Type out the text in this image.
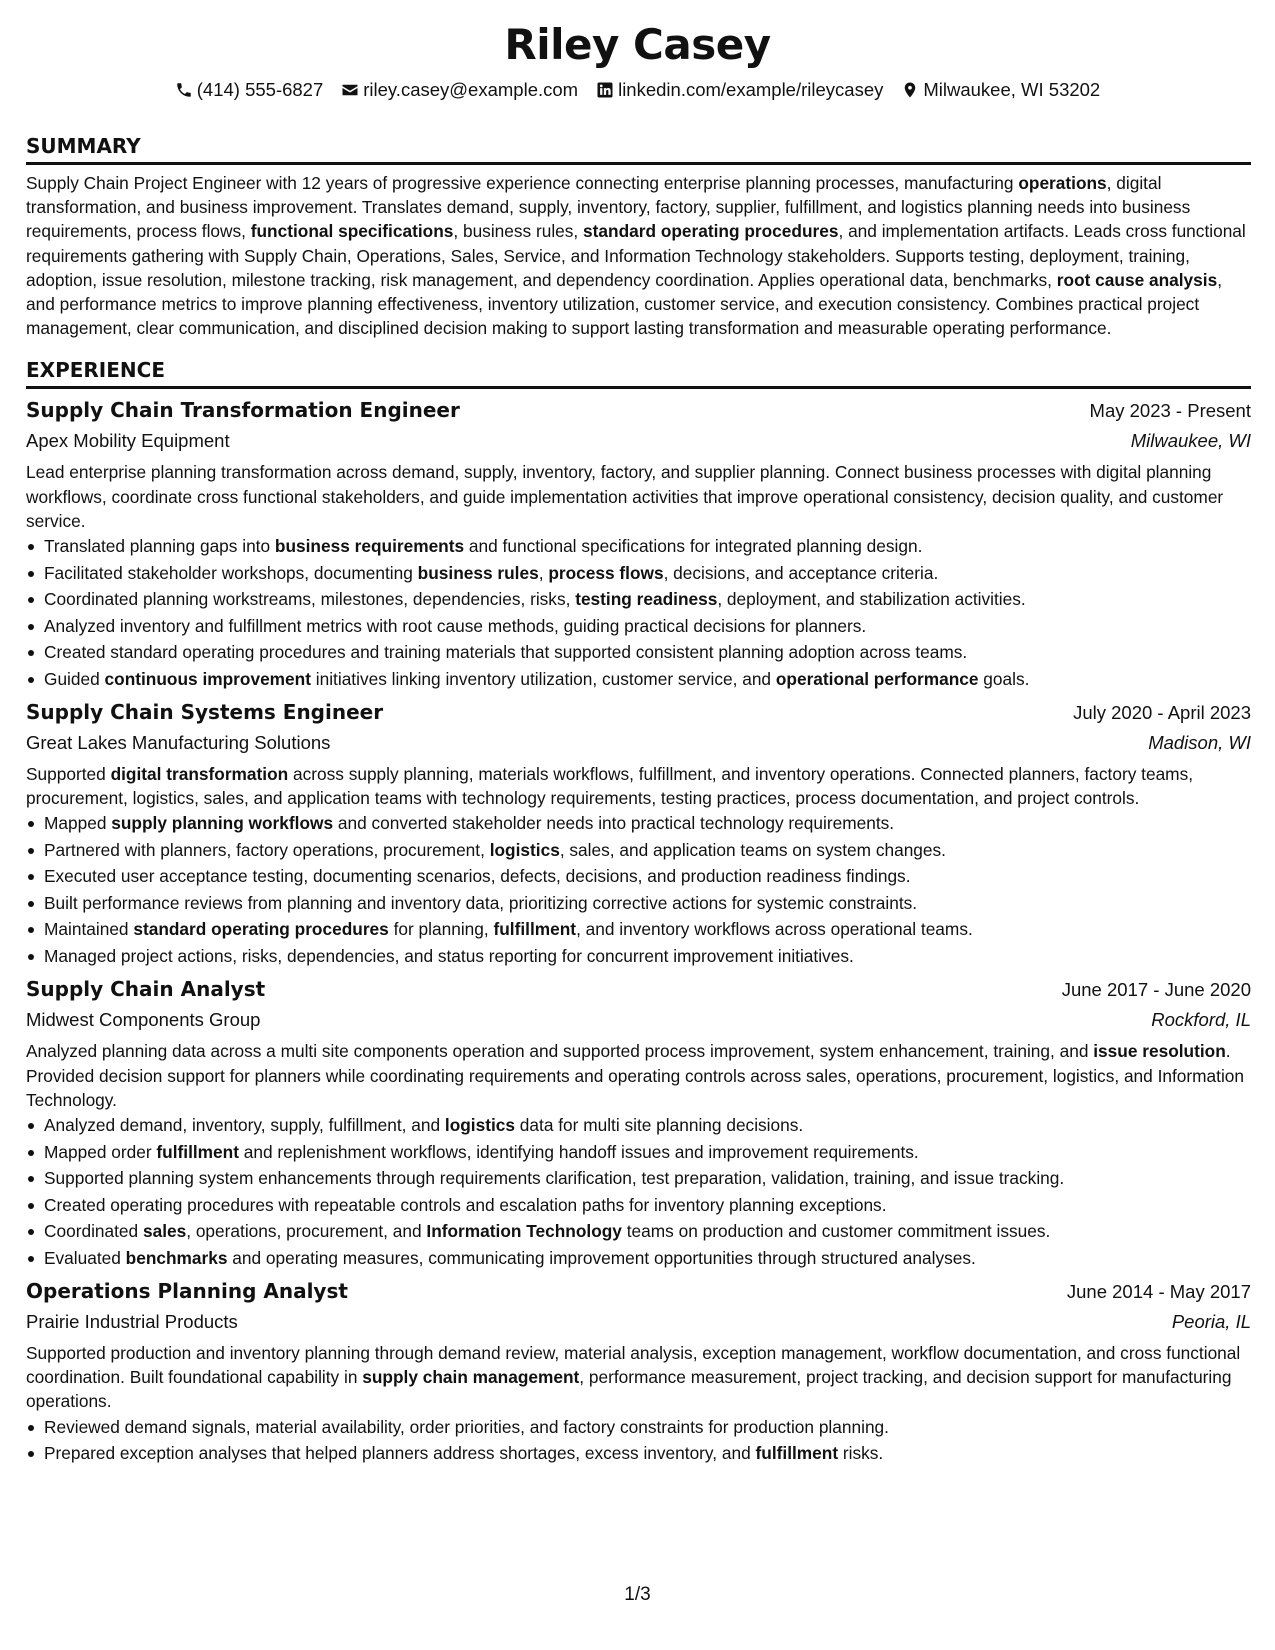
Riley Casey
(414) 555-6827 riley.casey@example.com linkedin.com/example/rileycasey Milwaukee, WI 53202
SUMMARY

Supply Chain Project Engineer with 12 years of progressive experience connecting enterprise planning processes, manufacturing operations, digital transformation, and business improvement. Translates demand, supply, inventory, factory, supplier, fulfillment, and logistics planning needs into business requirements, process flows, functional specifications, business rules, standard operating procedures, and implementation artifacts. Leads cross functional requirements gathering with Supply Chain, Operations, Sales, Service, and Information Technology stakeholders. Supports testing, deployment, training, adoption, issue resolution, milestone tracking, risk management, and dependency coordination. Applies operational data, benchmarks, root cause analysis, and performance metrics to improve planning effectiveness, inventory utilization, customer service, and execution consistency. Combines practical project management, clear communication, and disciplined decision making to support lasting transformation and measurable operating performance.

EXPERIENCE
Supply Chain Transformation Engineer	May 2023 - Present
Apex Mobility Equipment	Milwaukee, WI

Lead enterprise planning transformation across demand, supply, inventory, factory, and supplier planning. Connect business processes with digital planning workflows, coordinate cross functional stakeholders, and guide implementation activities that improve operational consistency, decision quality, and customer service.

Translated planning gaps into business requirements and functional specifications for integrated planning design.
Facilitated stakeholder workshops, documenting business rules, process flows, decisions, and acceptance criteria.
Coordinated planning workstreams, milestones, dependencies, risks, testing readiness, deployment, and stabilization activities.
Analyzed inventory and fulfillment metrics with root cause methods, guiding practical decisions for planners.
Created standard operating procedures and training materials that supported consistent planning adoption across teams.
Guided continuous improvement initiatives linking inventory utilization, customer service, and operational performance goals.
Supply Chain Systems Engineer	July 2020 - April 2023
Great Lakes Manufacturing Solutions	Madison, WI

Supported digital transformation across supply planning, materials workflows, fulfillment, and inventory operations. Connected planners, factory teams, procurement, logistics, sales, and application teams with technology requirements, testing practices, process documentation, and project controls.

Mapped supply planning workflows and converted stakeholder needs into practical technology requirements.
Partnered with planners, factory operations, procurement, logistics, sales, and application teams on system changes.
Executed user acceptance testing, documenting scenarios, defects, decisions, and production readiness findings.
Built performance reviews from planning and inventory data, prioritizing corrective actions for systemic constraints.
Maintained standard operating procedures for planning, fulfillment, and inventory workflows across operational teams.
Managed project actions, risks, dependencies, and status reporting for concurrent improvement initiatives.
Supply Chain Analyst	June 2017 - June 2020
Midwest Components Group	Rockford, IL

Analyzed planning data across a multi site components operation and supported process improvement, system enhancement, training, and issue resolution. Provided decision support for planners while coordinating requirements and operating controls across sales, operations, procurement, logistics, and Information Technology.

Analyzed demand, inventory, supply, fulfillment, and logistics data for multi site planning decisions.
Mapped order fulfillment and replenishment workflows, identifying handoff issues and improvement requirements.
Supported planning system enhancements through requirements clarification, test preparation, validation, training, and issue tracking.
Created operating procedures with repeatable controls and escalation paths for inventory planning exceptions.
Coordinated sales, operations, procurement, and Information Technology teams on production and customer commitment issues.
Evaluated benchmarks and operating measures, communicating improvement opportunities through structured analyses.
Operations Planning Analyst	June 2014 - May 2017
Prairie Industrial Products	Peoria, IL

Supported production and inventory planning through demand review, material analysis, exception management, workflow documentation, and cross functional coordination. Built foundational capability in supply chain management, performance measurement, project tracking, and decision support for manufacturing operations.

Reviewed demand signals, material availability, order priorities, and factory constraints for production planning.
Prepared exception analyses that helped planners address shortages, excess inventory, and fulfillment risks.
1/3
